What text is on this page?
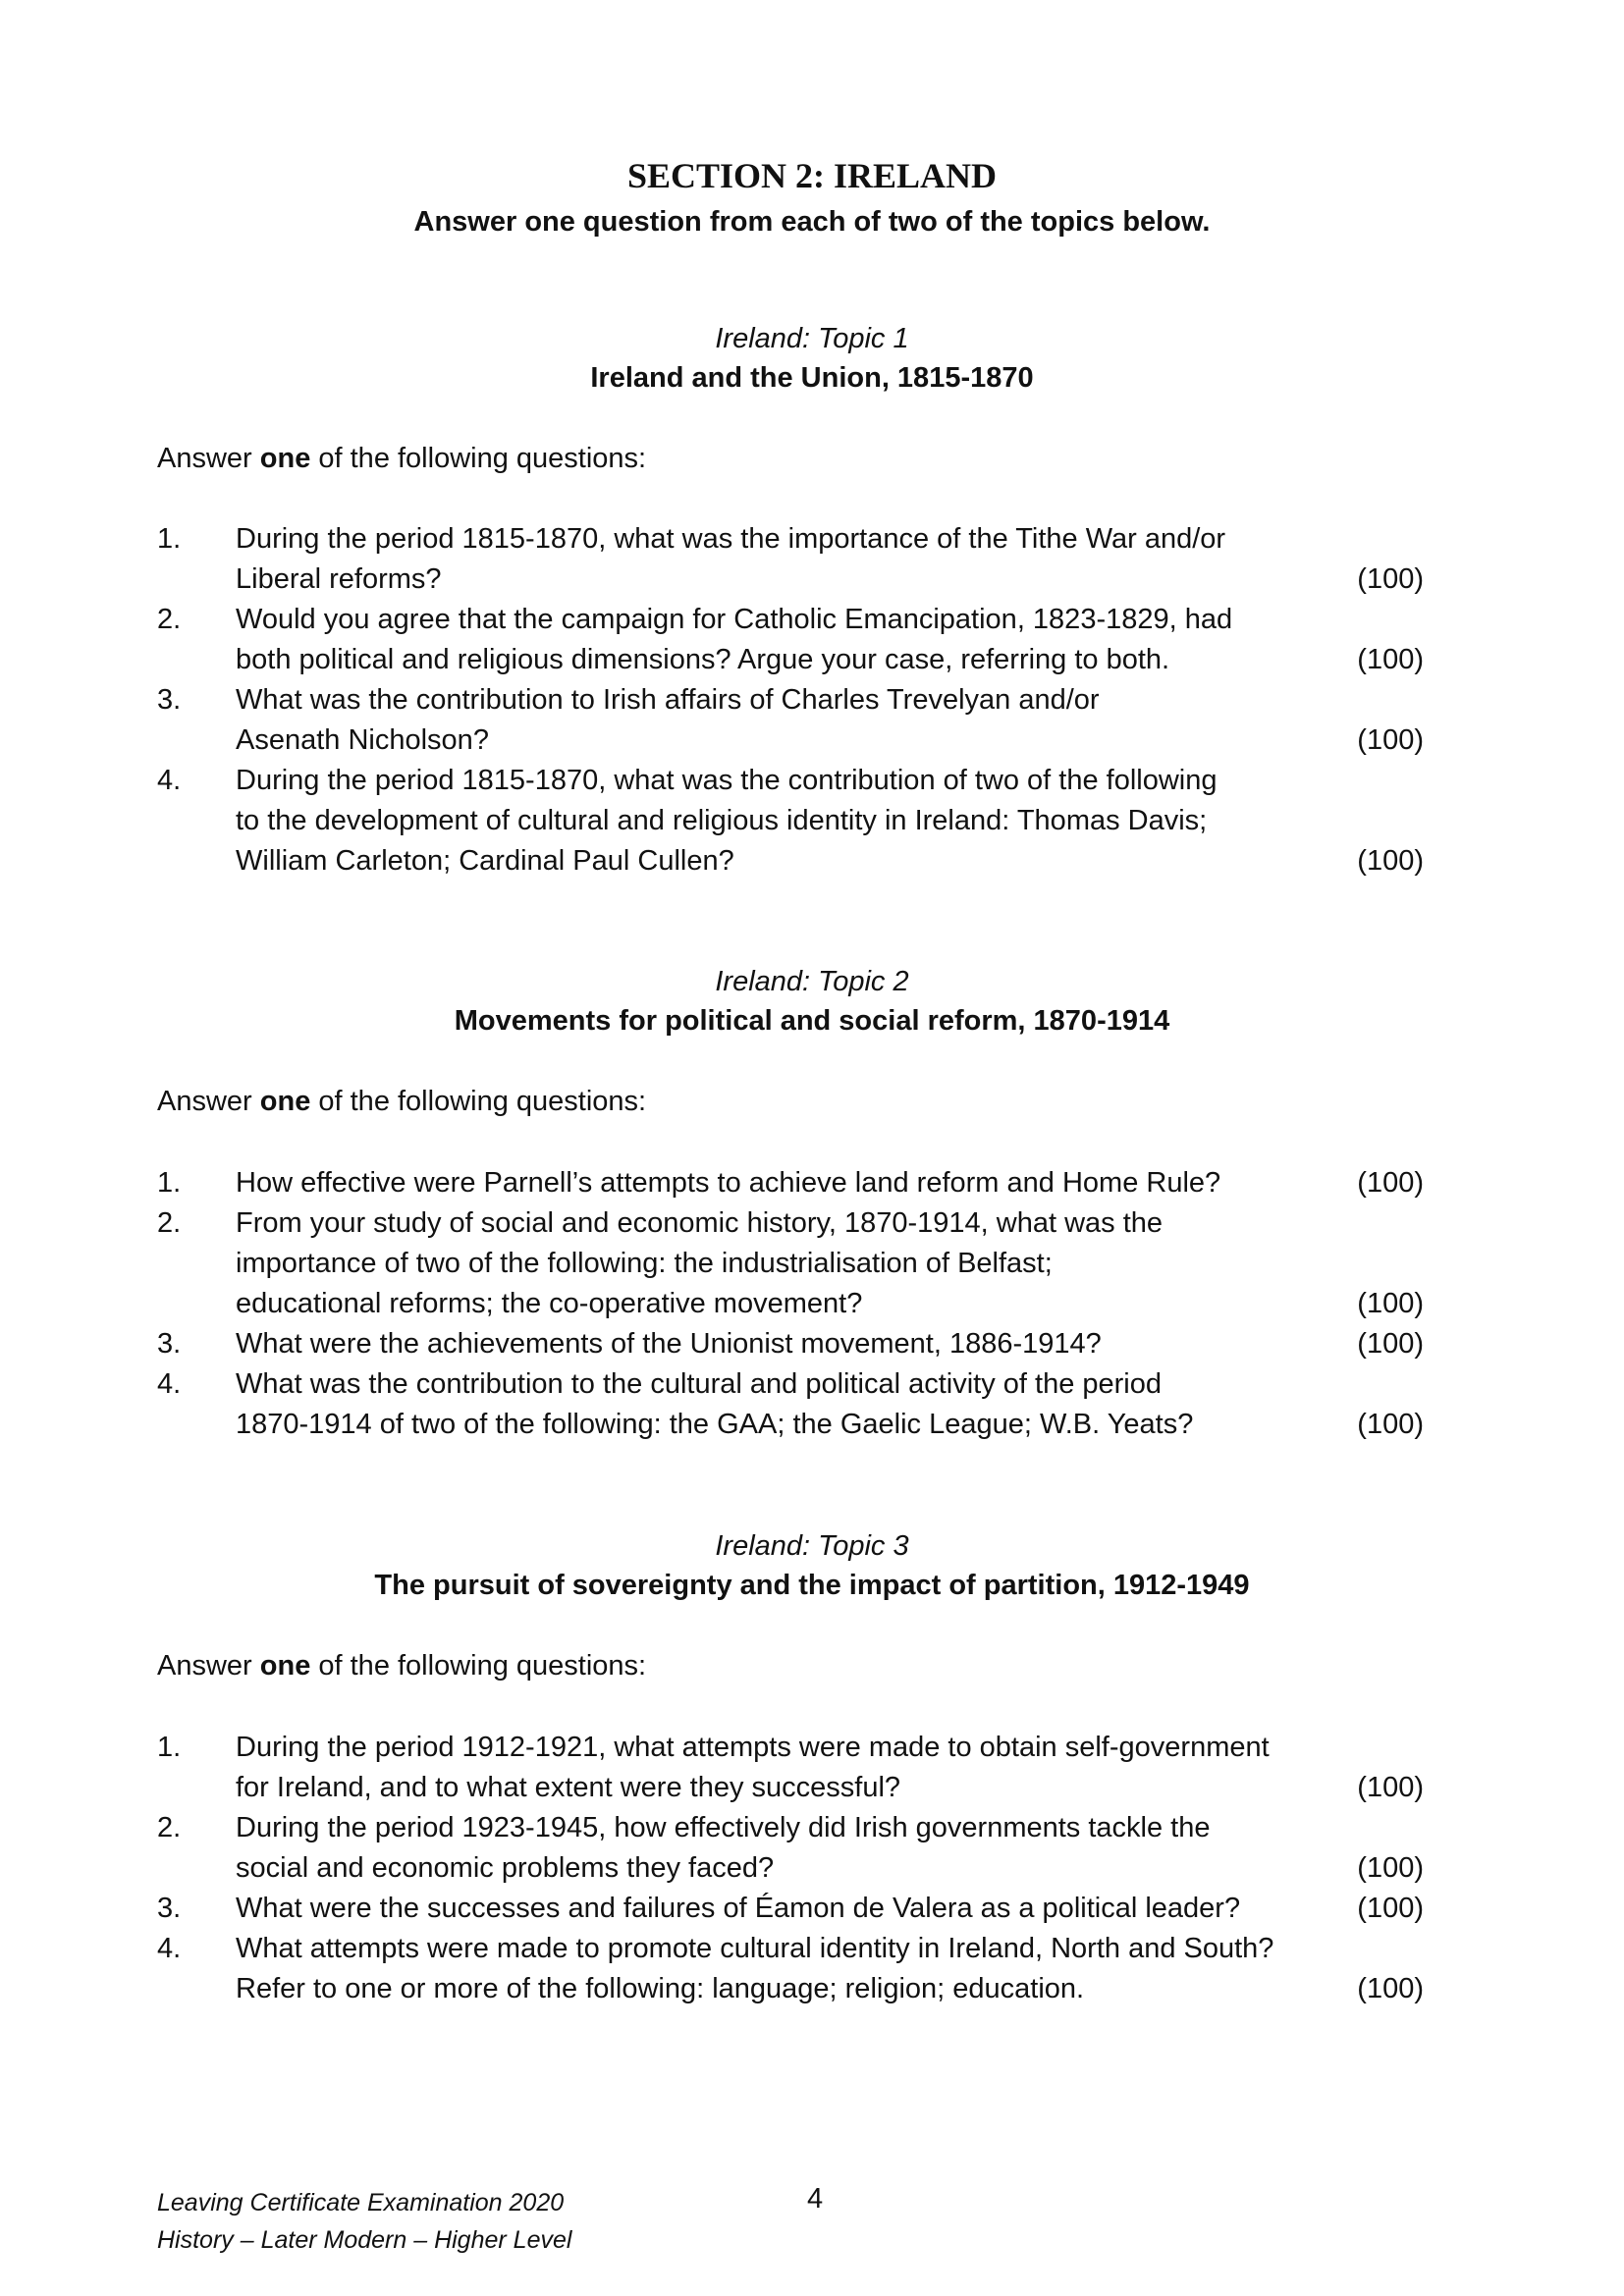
SECTION 2: IRELAND
Answer one question from each of two of the topics below.
Ireland: Topic 1
Ireland and the Union, 1815-1870
Answer one of the following questions:
1.	During the period 1815-1870, what was the importance of the Tithe War and/or
Liberal reforms?	(100)
2.	Would you agree that the campaign for Catholic Emancipation, 1823-1829, had
both political and religious dimensions? Argue your case, referring to both.	(100)
3.	What was the contribution to Irish affairs of Charles Trevelyan and/or
Asenath Nicholson?	(100)
4.	During the period 1815-1870, what was the contribution of two of the following
to the development of cultural and religious identity in Ireland: Thomas Davis;
William Carleton; Cardinal Paul Cullen?	(100)
Ireland: Topic 2
Movements for political and social reform, 1870-1914
Answer one of the following questions:
1.	How effective were Parnell’s attempts to achieve land reform and Home Rule?	(100)
2.	From your study of social and economic history, 1870-1914, what was the
importance of two of the following: the industrialisation of Belfast;
educational reforms; the co-operative movement?	(100)
3.	What were the achievements of the Unionist movement, 1886-1914?	(100)
4.	What was the contribution to the cultural and political activity of the period
1870-1914 of two of the following: the GAA; the Gaelic League; W.B. Yeats?	(100)
Ireland: Topic 3
The pursuit of sovereignty and the impact of partition, 1912-1949
Answer one of the following questions:
1.	During the period 1912-1921, what attempts were made to obtain self-government
for Ireland, and to what extent were they successful?	(100)
2.	During the period 1923-1945, how effectively did Irish governments tackle the
social and economic problems they faced?	(100)
3.	What were the successes and failures of Éamon de Valera as a political leader?	(100)
4.	What attempts were made to promote cultural identity in Ireland, North and South?
Refer to one or more of the following: language; religion; education.	(100)
Leaving Certificate Examination 2020
History – Later Modern – Higher Level
4
